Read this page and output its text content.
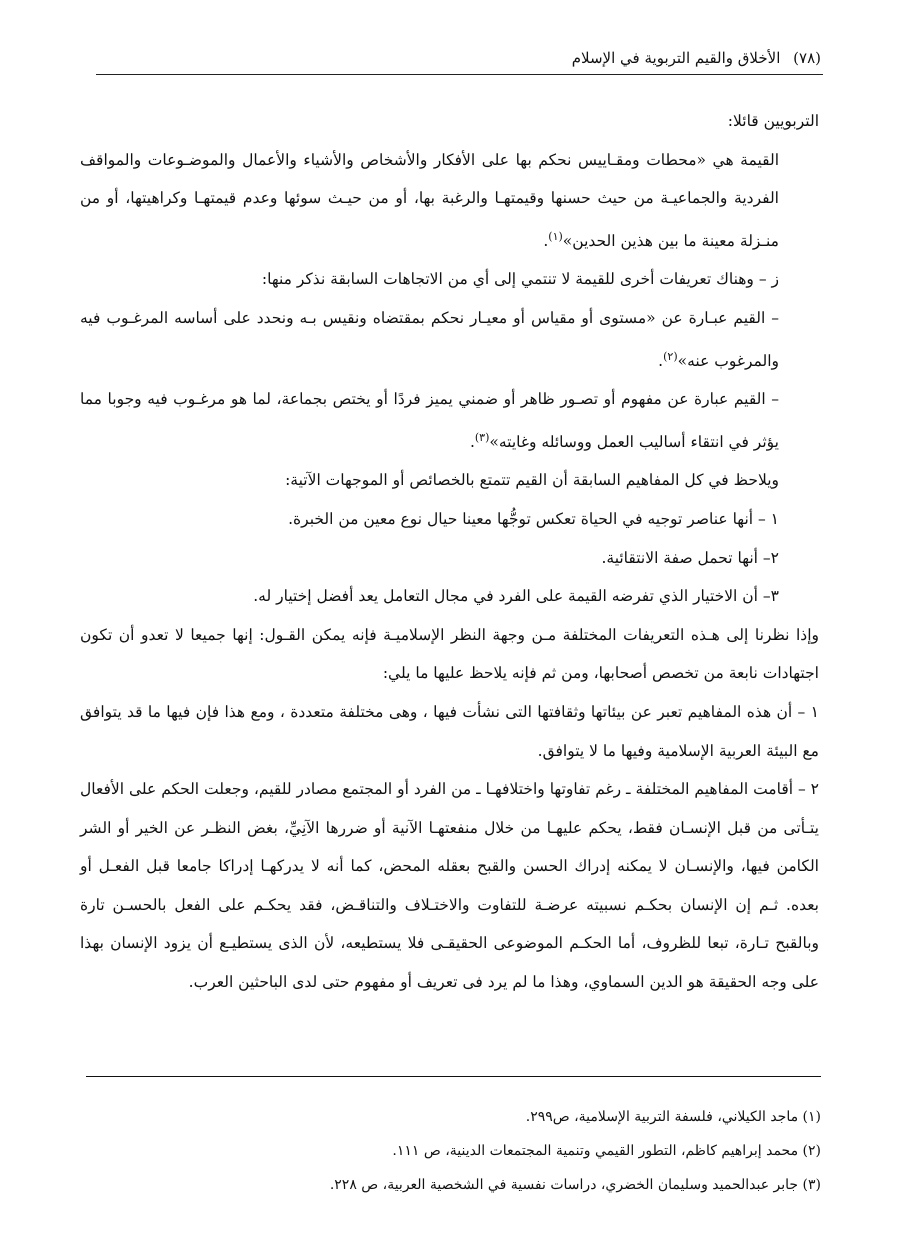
(٧٨) الأخلاق والقيم التربوية في الإسلام

التربويين قائلا:

القيمة هي «محطات ومقـاييس نحكم بها على الأفكار والأشخاص والأشياء والأعمال والموضـوعات والمواقف الفردية والجماعيـة من حيث حسنها وقيمتهـا والرغبة بها، أو من حيـث سوئها وعدم قيمتهـا وكراهيتها، أو من منـزلة معينة ما بين هذين الحدين»$^{(١)}$.

ز – وهناك تعريفات أخرى للقيمة لا تنتمي إلى أي من الاتجاهات السابقة نذكر منها:

– القيم عبـارة عن «مستوى أو مقياس أو معيـار نحكم بمقتضاه ونقيس بـه ونحدد على أساسه المرغـوب فيه والمرغوب عنه»$^{(٢)}$.

– القيم عبارة عن مفهوم أو تصـور ظاهر أو ضمني يميز فردًا أو يختص بجماعة، لما هو مرغـوب فيه وجوبا مما يؤثر في انتقاء أساليب العمل ووسائله وغايته»$^{(٣)}$.

ويلاحظ في كل المفاهيم السابقة أن القيم تتمتع بالخصائص أو الموجهات الآتية:

١ – أنها عناصر توجيه في الحياة تعكس توجُّها معينا حيال نوع معين من الخبرة.

٢– أنها تحمل صفة الانتقائية.

٣– أن الاختيار الذي تفرضه القيمة على الفرد في مجال التعامل يعد أفضل إختيار له.

وإذا نظرنا إلى هـذه التعريفات المختلفة مـن وجهة النظر الإسلاميـة فإنه يمكن القـول: إنها جميعا لا تعدو أن تكون اجتهادات نابعة من تخصص أصحابها، ومن ثم فإنه يلاحظ عليها ما يلي:

١ – أن هذه المفاهيم تعبر عن بيئاتها وثقافتها التى نشأت فيها ، وهى مختلفة متعددة ، ومع هذا فإن فيها ما قد يتوافق مع البيئة العربية الإسلامية وفيها ما لا يتوافق.

٢ – أقامت المفاهيم المختلفة ـ رغم تفاوتها واختلافهـا ـ من الفرد أو المجتمع مصادر للقيم، وجعلت الحكم على الأفعال يتـأتى من قبل الإنسـان فقط، يحكم عليهـا من خلال منفعتهـا الآنية أو ضررها الآنِيِّ، بغض النظـر عن الخير أو الشر الكامن فيها، والإنسـان لا يمكنه إدراك الحسن والقبح بعقله المحض، كما أنه لا يدركهـا إدراكا جامعا قبل الفعـل أو بعده. ثـم إن الإنسان بحكـم نسبيته عرضـة للتفاوت والاختـلاف والتناقـض، فقد يحكـم على الفعل بالحسـن تارة وبالقبح تـارة، تبعا للظروف، أما الحكـم الموضوعى الحقيقـى فلا يستطيعه، لأن الذى يستطيـع أن يزود الإنسان بهذا على وجه الحقيقة هو الدين السماوي، وهذا ما لم يرد فى تعريف أو مفهوم حتى لدى الباحثين العرب.

(١) ماجد الكيلاني، فلسفة التربية الإسلامية، ص٢٩٩.

(٢) محمد إبراهيم كاظم، التطور القيمي وتنمية المجتمعات الدينية، ص ١١١.

(٣) جابر عبدالحميد وسليمان الخضري، دراسات نفسية في الشخصية العربية، ص ٢٢٨.
